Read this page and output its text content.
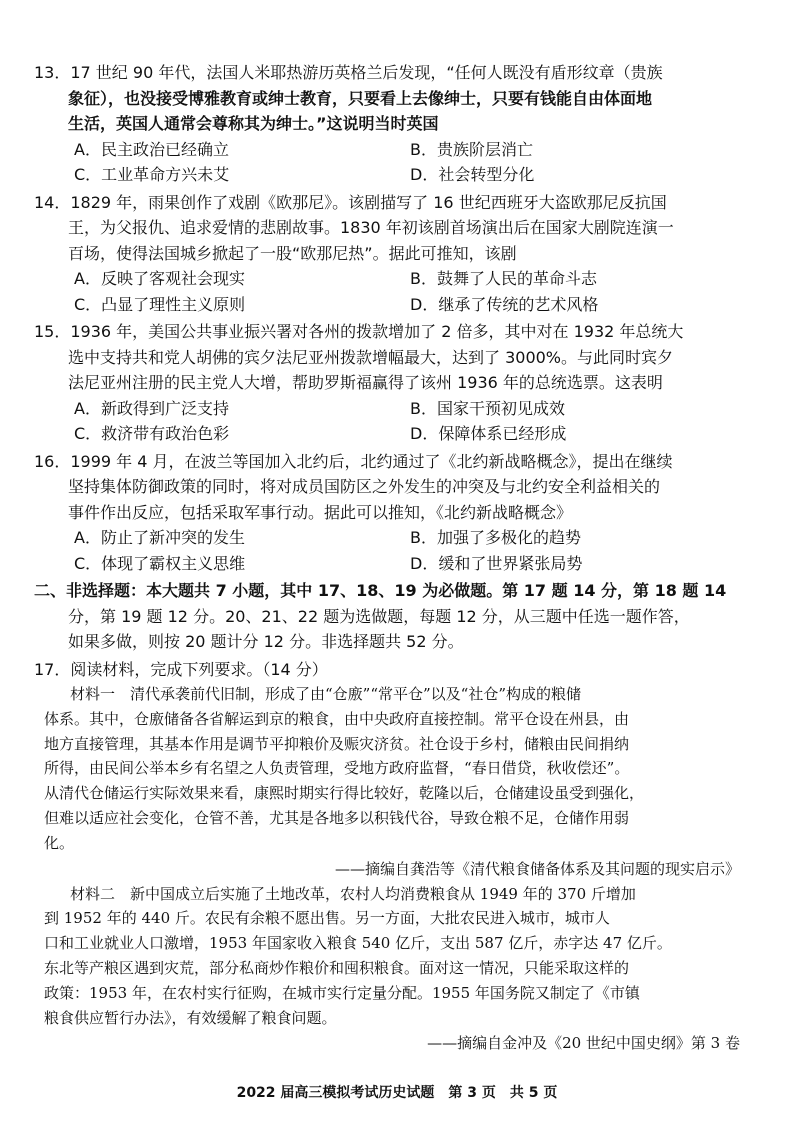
13．17 世纪 90 年代，法国人米耶热游历英格兰后发现，“任何人既没有盾形纹章（贵族
象征），也没接受博雅教育或绅士教育，只要看上去像绅士，只要有钱能自由体面地
生活，英国人通常会尊称其为绅士。”这说明当时英国
A．民主政治已经确立	B．贵族阶层消亡
C．工业革命方兴未艾	D．社会转型分化
14．1829 年，雨果创作了戏剧《欧那尼》。该剧描写了 16 世纪西班牙大盗欧那尼反抗国
王，为父报仇、追求爱情的悲剧故事。1830 年初该剧首场演出后在国家大剧院连演一
百场，使得法国城乡掀起了一股“欧那尼热”。据此可推知，该剧
A．反映了客观社会现实	B．鼓舞了人民的革命斗志
C．凸显了理性主义原则	D．继承了传统的艺术风格
15．1936 年，美国公共事业振兴署对各州的拨款增加了 2 倍多，其中对在 1932 年总统大
选中支持共和党人胡佛的宾夕法尼亚州拨款增幅最大，达到了 3000%。与此同时宾夕
法尼亚州注册的民主党人大增，帮助罗斯福赢得了该州 1936 年的总统选票。这表明
A．新政得到广泛支持	B．国家干预初见成效
C．救济带有政治色彩	D．保障体系已经形成
16．1999 年 4 月，在波兰等国加入北约后，北约通过了《北约新战略概念》，提出在继续
坚持集体防御政策的同时，将对成员国防区之外发生的冲突及与北约安全利益相关的
事件作出反应，包括采取军事行动。据此可以推知，《北约新战略概念》
A．防止了新冲突的发生	B．加强了多极化的趋势
C．体现了霸权主义思维	D．缓和了世界紧张局势
二、非选择题：本大题共 7 小题，其中 17、18、19 为必做题。第 17 题 14 分，第 18 题 14
分，第 19 题 12 分。20、21、22 题为选做题，每题 12 分，从三题中任选一题作答，
如果多做，则按 20 题计分 12 分。非选择题共 52 分。
17．阅读材料，完成下列要求。（14 分）
材料一　清代承袭前代旧制，形成了由“仓廒”“常平仓”以及“社仓”构成的粮储
体系。其中，仓廒储备各省解运到京的粮食，由中央政府直接控制。常平仓设在州县，由
地方直接管理，其基本作用是调节平抑粮价及赈灾济贫。社仓设于乡村，储粮由民间捐纳
所得，由民间公举本乡有名望之人负责管理，受地方政府监督，“春日借贷，秋收偿还”。
从清代仓储运行实际效果来看，康熙时期实行得比较好，乾隆以后，仓储建设虽受到强化，
但难以适应社会变化，仓管不善，尤其是各地多以积钱代谷，导致仓粮不足，仓储作用弱
化。
——摘编自龚浩等《清代粮食储备体系及其问题的现实启示》
材料二　新中国成立后实施了土地改革，农村人均消费粮食从 1949 年的 370 斤增加
到 1952 年的 440 斤。农民有余粮不愿出售。另一方面，大批农民进入城市，城市人
口和工业就业人口激增，1953 年国家收入粮食 540 亿斤，支出 587 亿斤，赤字达 47 亿斤。
东北等产粮区遇到灾荒，部分私商炒作粮价和囤积粮食。面对这一情况，只能采取这样的
政策：1953 年，在农村实行征购，在城市实行定量分配。1955 年国务院又制定了《市镇
粮食供应暂行办法》，有效缓解了粮食问题。
——摘编自金冲及《20 世纪中国史纲》第 3 卷
2022 届高三模拟考试历史试题　第 3 页　共 5 页
